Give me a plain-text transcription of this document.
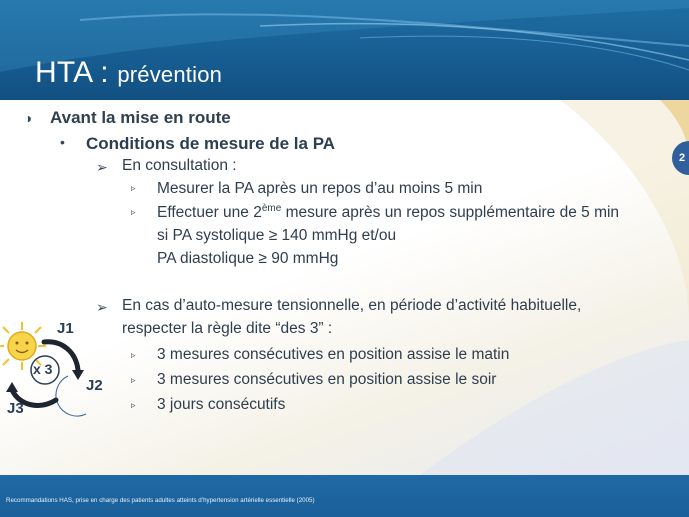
HTA : prévention
◗ Avant la mise en route
• Conditions de mesure de la PA
➢ En consultation :
▹ Mesurer la PA après un repos d’au moins 5 min
▹ Effectuer une 2ème mesure après un repos supplémentaire de 5 min
si PA systolique ≥ 140 mmHg et/ou
PA diastolique ≥ 90 mmHg
2
➢ En cas d’auto-mesure tensionnelle, en période d’activité habituelle,
respecter la règle dite “des 3” :
▹ 3 mesures consécutives en position assise le matin
▹ 3 mesures consécutives en position assise le soir
▹ 3 jours consécutifs
J1
J2
J3
x 3
Recommandations HAS, prise en charge des patients adultes atteints d’hypertension artérielle essentielle (2005)
